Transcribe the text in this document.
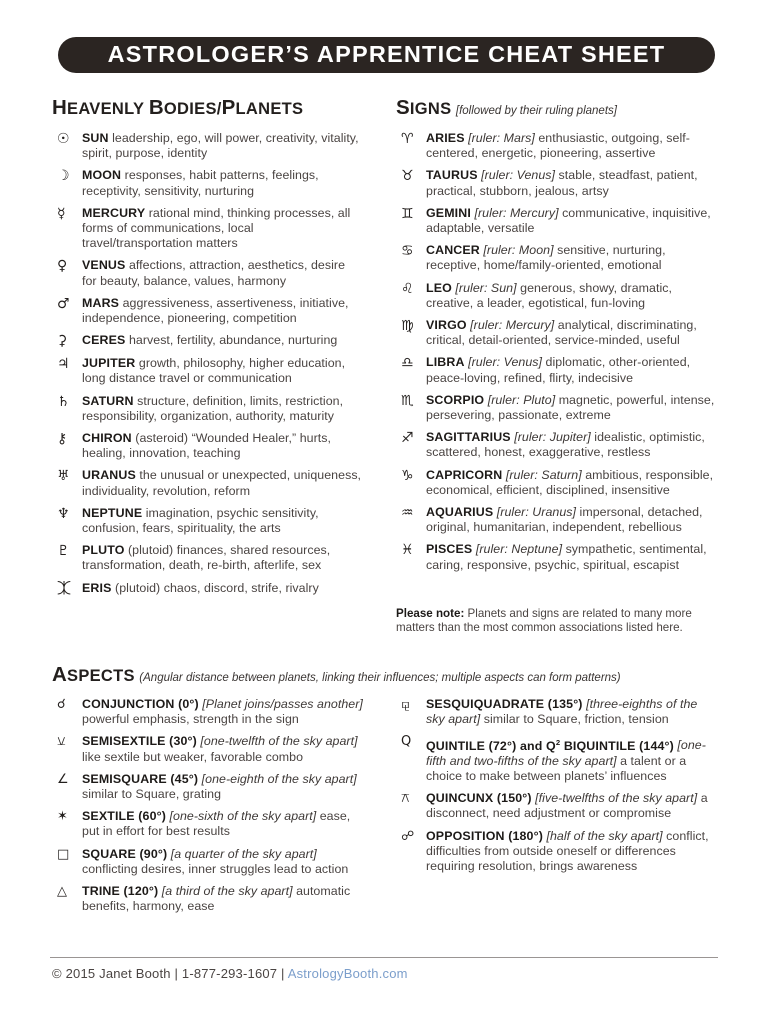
ASTROLOGER’S APPRENTICE CHEAT SHEET
HEAVENLY BODIES/PLANETS	SIGNS [followed by their ruling planets]
☉	SUN leadership, ego, will power, creativity, vitality, spirit, purpose, identity
☽	MOON responses, habit patterns, feelings, receptivity, sensitivity, nurturing
☿	MERCURY rational mind, thinking processes, all forms of communications, local travel/transportation matters
♀	VENUS affections, attraction, aesthetics, desire for beauty, balance, values, harmony
♂	MARS aggressiveness, assertiveness, initiative, independence, pioneering, competition
⚳	CERES harvest, fertility, abundance, nurturing
♃	JUPITER growth, philosophy, higher education, long distance travel or communication
♄	SATURN structure, definition, limits, restriction, responsibility, organization, authority, maturity
⚷	CHIRON (asteroid) “Wounded Healer,” hurts, healing, innovation, teaching
♅	URANUS the unusual or unexpected, uniqueness, individuality, revolution, reform
♆	NEPTUNE imagination, psychic sensitivity, confusion, fears, spirituality, the arts
♇	PLUTO (plutoid) finances, shared resources, transformation, death, re-birth, afterlife, sex
⯰ ERIS (plutoid) chaos, discord, strife, rivalry
♈	ARIES [ruler: Mars] enthusiastic, outgoing, self-centered, energetic, pioneering, assertive
♉	TAURUS [ruler: Venus] stable, steadfast, patient, practical, stubborn, jealous, artsy
♊	GEMINI [ruler: Mercury] communicative, inquisitive, adaptable, versatile
♋	CANCER [ruler: Moon] sensitive, nurturing, receptive, home/family-oriented, emotional
♌	LEO [ruler: Sun] generous, showy, dramatic, creative, a leader, egotistical, fun-loving
♍	VIRGO [ruler: Mercury] analytical, discriminating, critical, detail-oriented, service-minded, useful
♎	LIBRA [ruler: Venus] diplomatic, other-oriented, peace-loving, refined, flirty, indecisive
♏	SCORPIO [ruler: Pluto] magnetic, powerful, intense, persevering, passionate, extreme
♐	SAGITTARIUS [ruler: Jupiter] idealistic, optimistic, scattered, honest, exaggerative, restless
♑	CAPRICORN [ruler: Saturn] ambitious, responsible, economical, efficient, disciplined, insensitive
♒	AQUARIUS [ruler: Uranus] impersonal, detached, original, humanitarian, independent, rebellious
♓	PISCES [ruler: Neptune] sympathetic, sentimental, caring, responsive, psychic, spiritual, escapist
Please note: Planets and signs are related to many more matters than the most common associations listed here.
ASPECTS (Angular distance between planets, linking their influences; multiple aspects can form patterns)
☌	CONJUNCTION (0°) [Planet joins/passes another] powerful emphasis, strength in the sign
⚺	SEMISEXTILE (30°) [one-twelfth of the sky apart] like sextile but weaker, favorable combo
∠	SEMISQUARE (45°) [one-eighth of the sky apart] similar to Square, grating
✶	SEXTILE (60°) [one-sixth of the sky apart] ease, put in effort for best results
□	SQUARE (90°) [a quarter of the sky apart] conflicting desires, inner struggles lead to action
△	TRINE (120°) [a third of the sky apart] automatic benefits, harmony, ease
⚼	SESQUIQUADRATE (135°) [three-eighths of the sky apart] similar to Square, friction, tension
Q	QUINTILE (72°) and $Q^2$ BIQUINTILE (144°) [one-fifth and two-fifths of the sky apart] a talent or a choice to make between planets’ influences
⚻	QUINCUNX (150°) [five-twelfths of the sky apart] a disconnect, need adjustment or compromise
☍ OPPOSITION (180°) [half of the sky apart] conflict, difficulties from outside oneself or differences requiring resolution, brings awareness
© 2015 Janet Booth | 1-877-293-1607 | AstrologyBooth.com
